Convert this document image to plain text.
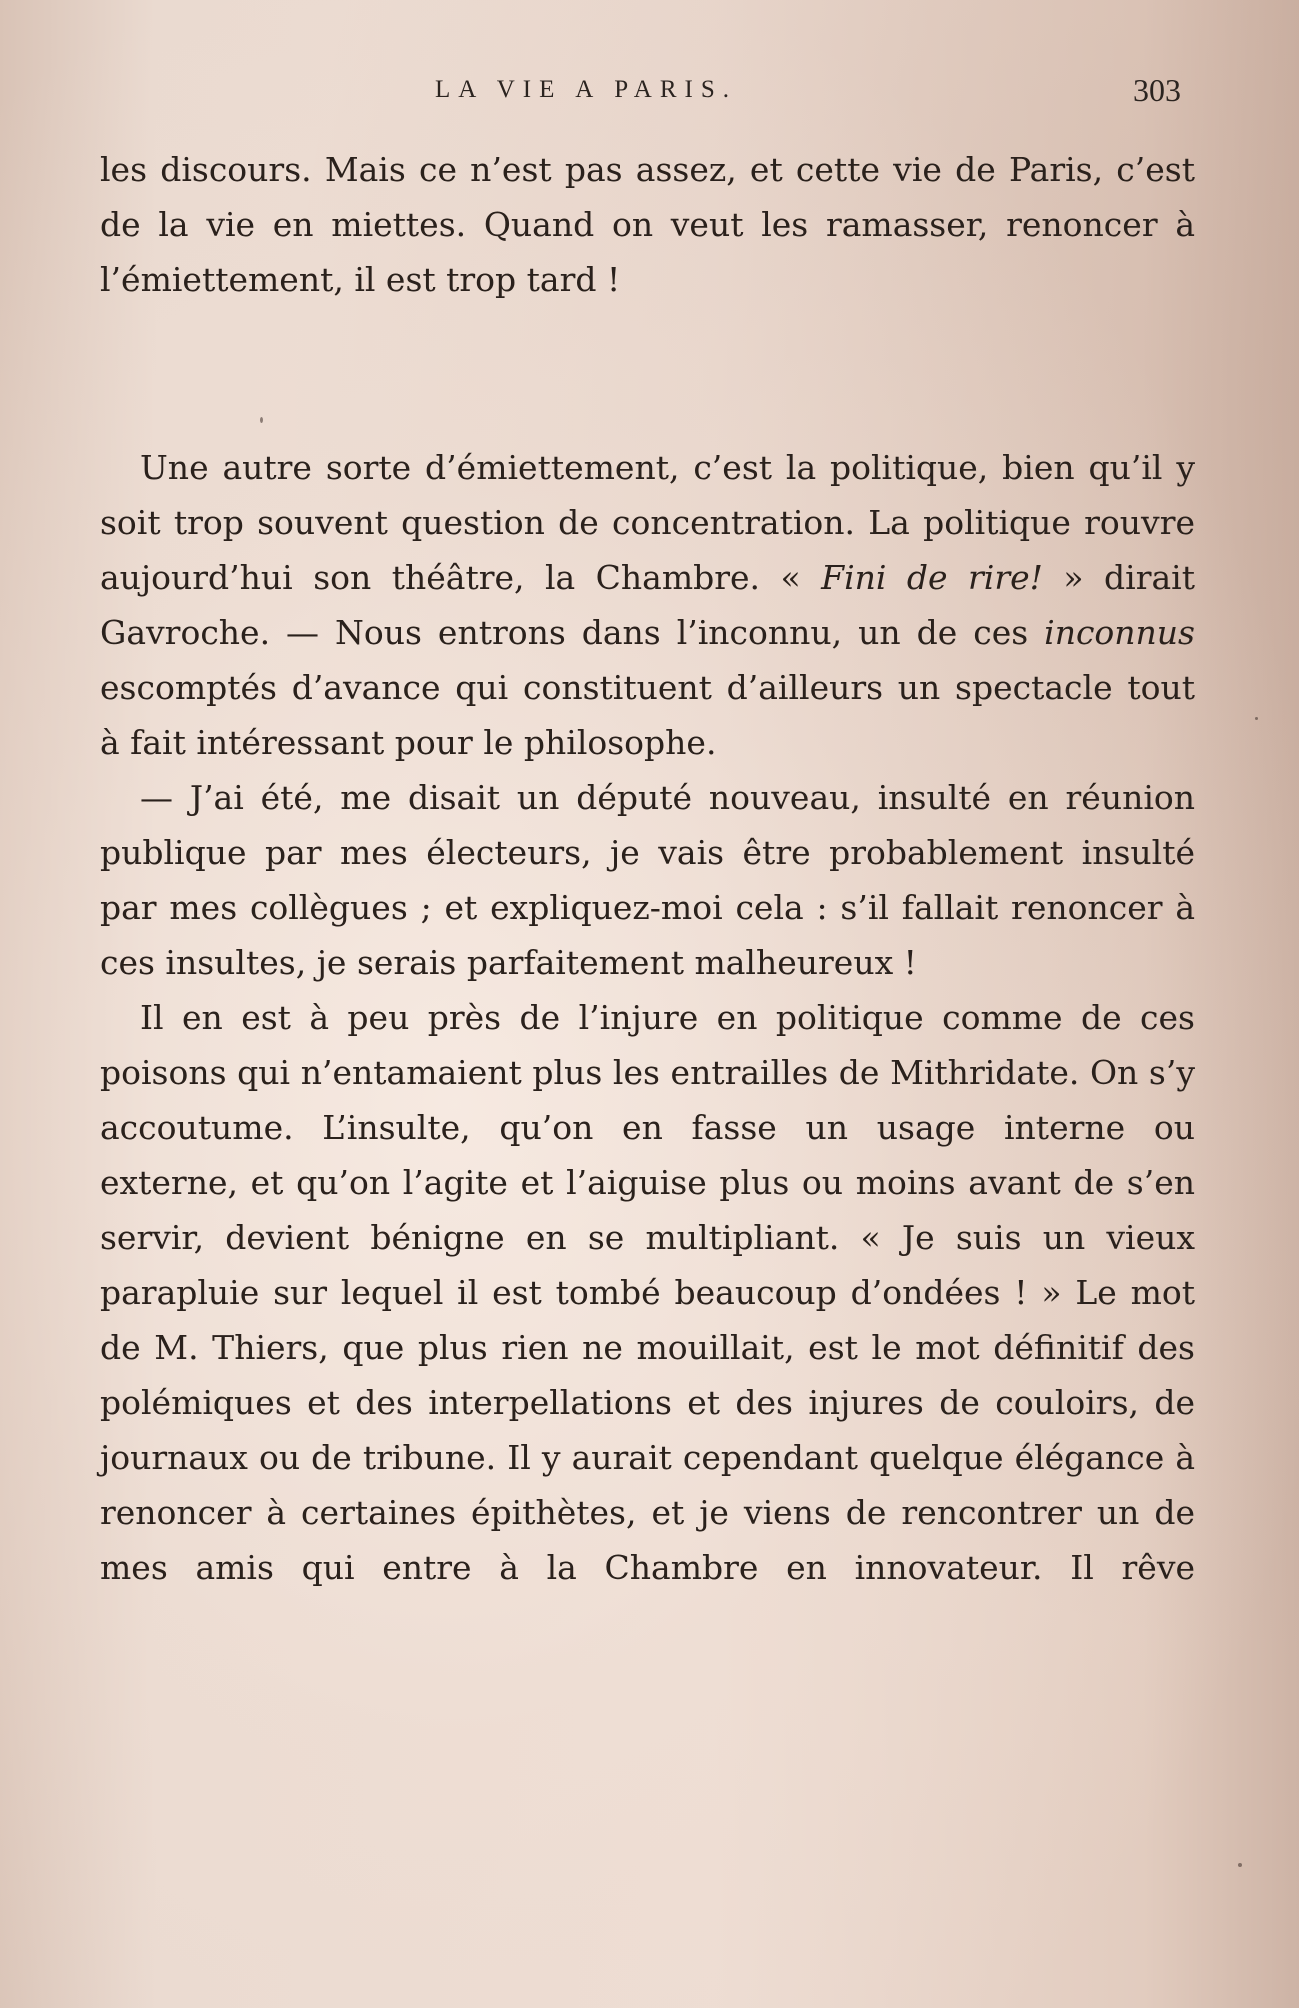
LA VIE A PARIS.	303

les discours. Mais ce n’est pas assez, et cette vie de Paris, c’est de la vie en miettes. Quand on veut les ramasser, renoncer à l’émiettement, il est trop tard !

Une autre sorte d’émiettement, c’est la politique, bien qu’il y soit trop souvent question de concentration. La politique rouvre aujourd’hui son théâtre, la Chambre. « Fini de rire! » dirait Gavroche. — Nous entrons dans l’inconnu, un de ces inconnus escomptés d’avance qui constituent d’ailleurs un spectacle tout à fait intéressant pour le philosophe.

— J’ai été, me disait un député nouveau, insulté en réunion publique par mes électeurs, je vais être probablement insulté par mes collègues ; et expliquez-moi cela : s’il fallait renoncer à ces insultes, je serais parfaitement malheureux !

Il en est à peu près de l’injure en politique comme de ces poisons qui n’entamaient plus les entrailles de Mithridate. On s’y accoutume. L’insulte, qu’on en fasse un usage interne ou externe, et qu’on l’agite et l’aiguise plus ou moins avant de s’en servir, devient bénigne en se multipliant. « Je suis un vieux parapluie sur lequel il est tombé beaucoup d’ondées ! » Le mot de M. Thiers, que plus rien ne mouillait, est le mot définitif des polémiques et des interpellations et des injures de couloirs, de journaux ou de tribune. Il y aurait cependant quelque élégance à renoncer à certaines épithètes, et je viens de rencontrer un de mes amis qui entre à la Chambre en innovateur. Il rêve
